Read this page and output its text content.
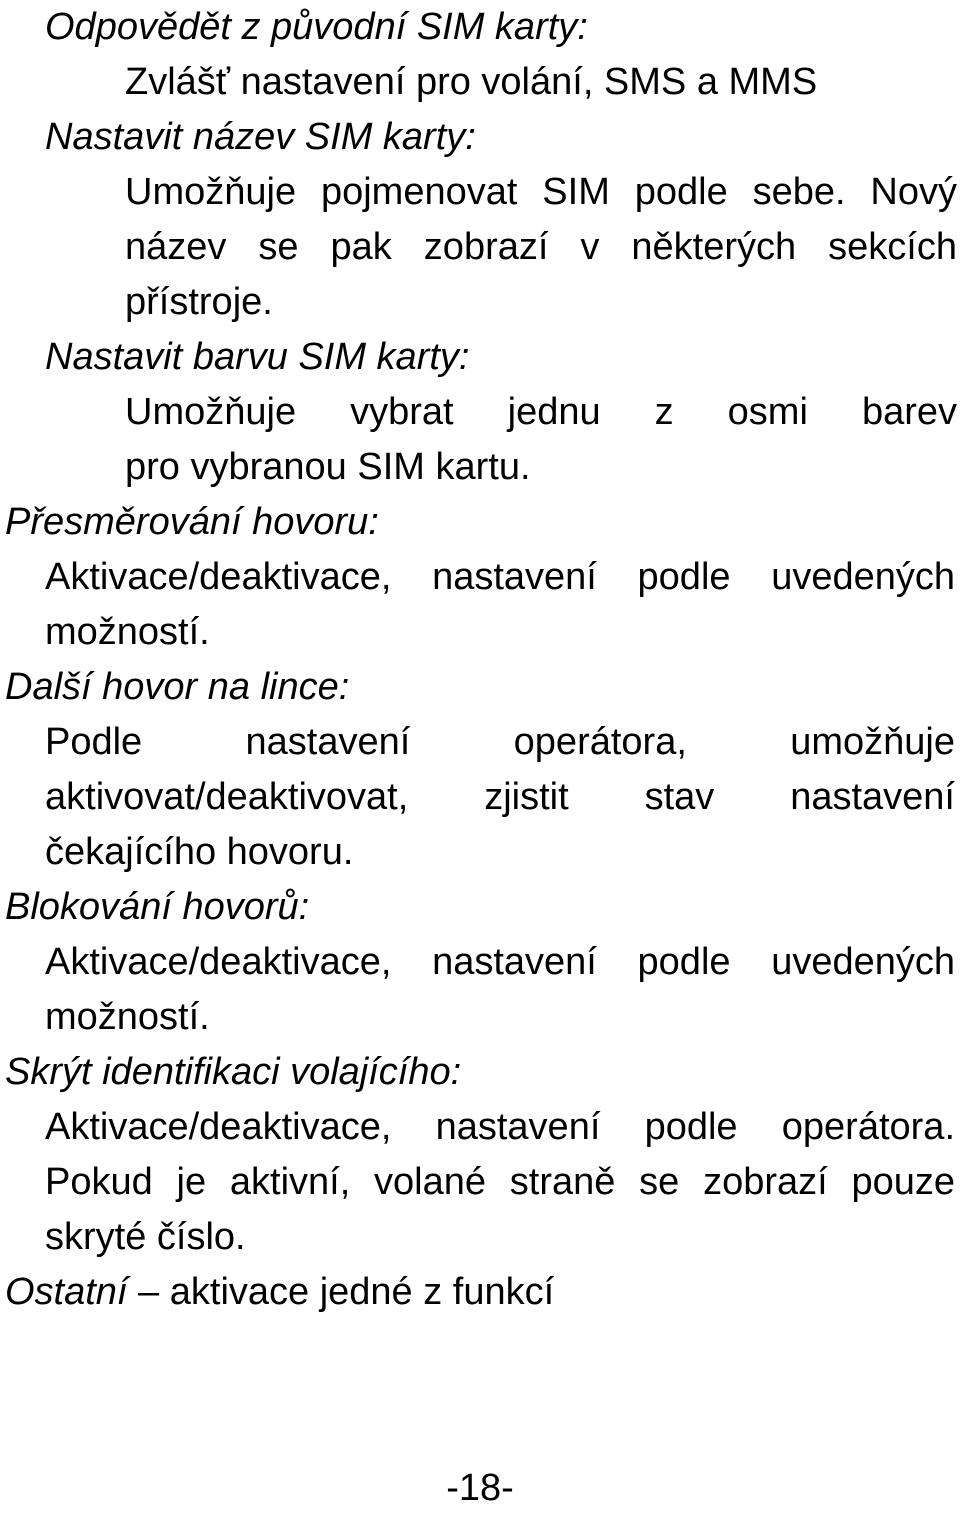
Odpovědět z původní SIM karty:
Zvlášť nastavení pro volání, SMS a MMS
Nastavit název SIM karty:
Umožňuje pojmenovat SIM podle sebe. Nový
název se pak zobrazí v některých sekcích
přístroje.
Nastavit barvu SIM karty:
Umožňuje vybrat jednu z osmi barev
pro vybranou SIM kartu.
Přesměrování hovoru:
Aktivace/deaktivace, nastavení podle uvedených
možností.
Další hovor na lince:
Podle nastavení operátora, umožňuje
aktivovat/deaktivovat, zjistit stav nastavení
čekajícího hovoru.
Blokování hovorů:
Aktivace/deaktivace, nastavení podle uvedených
možností.
Skrýt identifikaci volajícího:
Aktivace/deaktivace, nastavení podle operátora.
Pokud je aktivní, volané straně se zobrazí pouze
skryté číslo.
Ostatní – aktivace jedné z funkcí
-18-
